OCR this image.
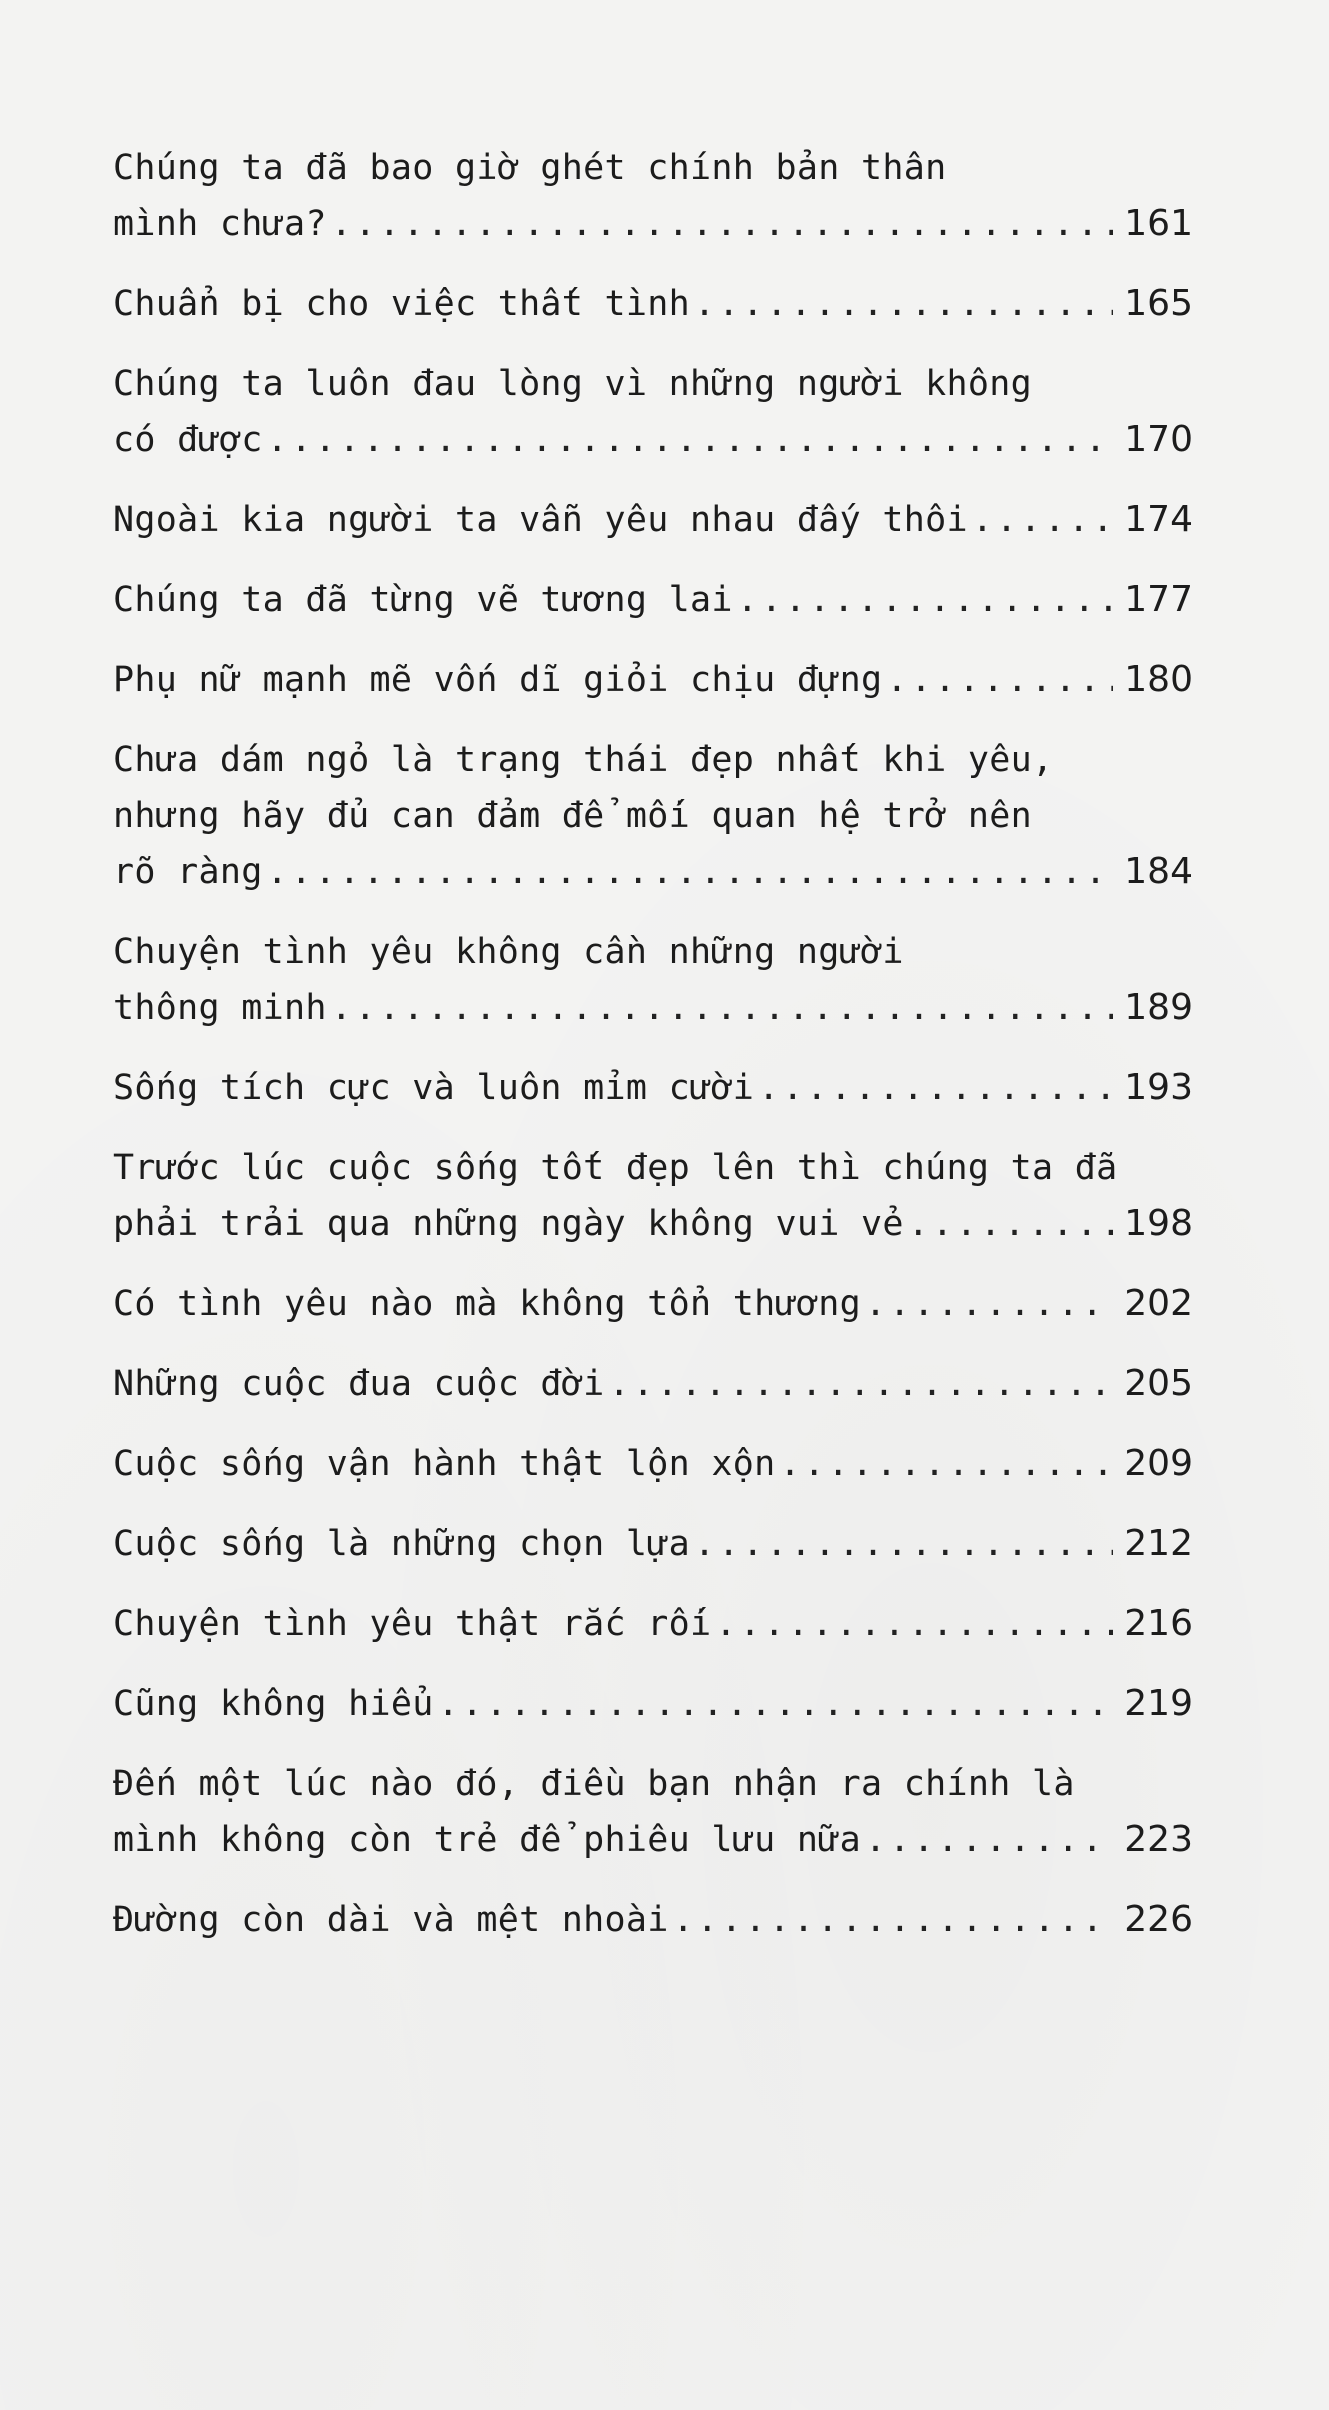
Chúng ta đã bao giờ ghét chính bản thân
mình chưa? .....	161
Chuẩn bị cho việc thất tình .....	165
Chúng ta luôn đau lòng vì những người không
có được .....	170
Ngoài kia người ta vẫn yêu nhau đấy thôi .....	174
Chúng ta đã từng vẽ tương lai .....	177
Phụ nữ mạnh mẽ vốn dĩ giỏi chịu đựng .....	180
Chưa dám ngỏ là trạng thái đẹp nhất khi yêu,
nhưng hãy đủ can đảm để mối quan hệ trở nên
rõ ràng .....	184
Chuyện tình yêu không cần những người
thông minh .....	189
Sống tích cực và luôn mỉm cười .....	193
Trước lúc cuộc sống tốt đẹp lên thì chúng ta đã
phải trải qua những ngày không vui vẻ .....	198
Có tình yêu nào mà không tổn thương .....	202
Những cuộc đua cuộc đời .....	205
Cuộc sống vận hành thật lộn xộn .....	209
Cuộc sống là những chọn lựa .....	212
Chuyện tình yêu thật rắc rối .....	216
Cũng không hiểu .....	219
Đến một lúc nào đó, điều bạn nhận ra chính là
mình không còn trẻ để phiêu lưu nữa .....	223
Đường còn dài và mệt nhoài .....	226
